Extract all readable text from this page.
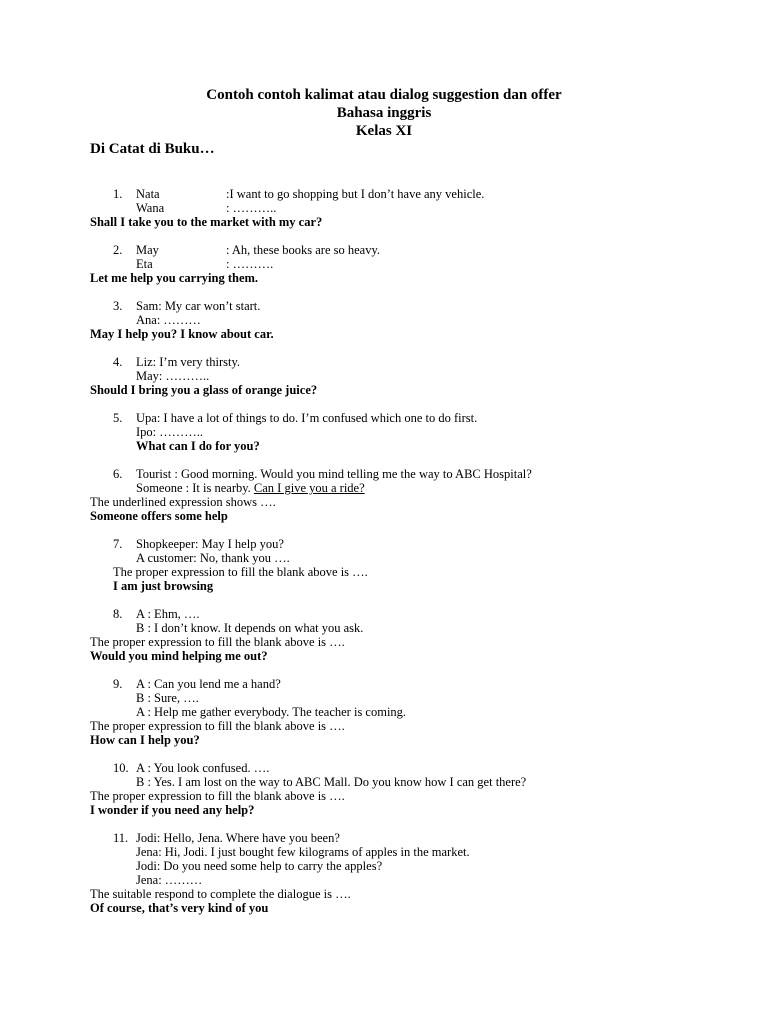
Contoh contoh kalimat atau dialog suggestion dan offer
Bahasa inggris
Kelas XI
Di Catat di Buku…
1. Nata	:I want to go shopping but I don’t have any vehicle.
Wana	: ………..
Shall I take you to the market with my car?
2. May	: Ah, these books are so heavy.
Eta	: ……….
Let me help you carrying them.
3. Sam: My car won’t start.
Ana: ………
May I help you? I know about car.
4. Liz: I’m very thirsty.
May: ………..
Should I bring you a glass of orange juice?
5. Upa: I have a lot of things to do. I’m confused which one to do first.
Ipo: ………..
What can I do for you?
6. Tourist : Good morning. Would you mind telling me the way to ABC Hospital?
Someone : It is nearby. Can I give you a ride?
The underlined expression shows ….
Someone offers some help
7. Shopkeeper: May I help you?
A customer: No, thank you ….
The proper expression to fill the blank above is ….
I am just browsing
8. A : Ehm, ….
B : I don’t know. It depends on what you ask.
The proper expression to fill the blank above is ….
Would you mind helping me out?
9. A : Can you lend me a hand?
B : Sure, ….
A : Help me gather everybody. The teacher is coming.
The proper expression to fill the blank above is ….
How can I help you?
10. A : You look confused. ….
B : Yes. I am lost on the way to ABC Mall. Do you know how I can get there?
The proper expression to fill the blank above is ….
I wonder if you need any help?
11. Jodi: Hello, Jena. Where have you been?
Jena: Hi, Jodi. I just bought few kilograms of apples in the market.
Jodi: Do you need some help to carry the apples?
Jena: ………
The suitable respond to complete the dialogue is ….
Of course, that’s very kind of you
